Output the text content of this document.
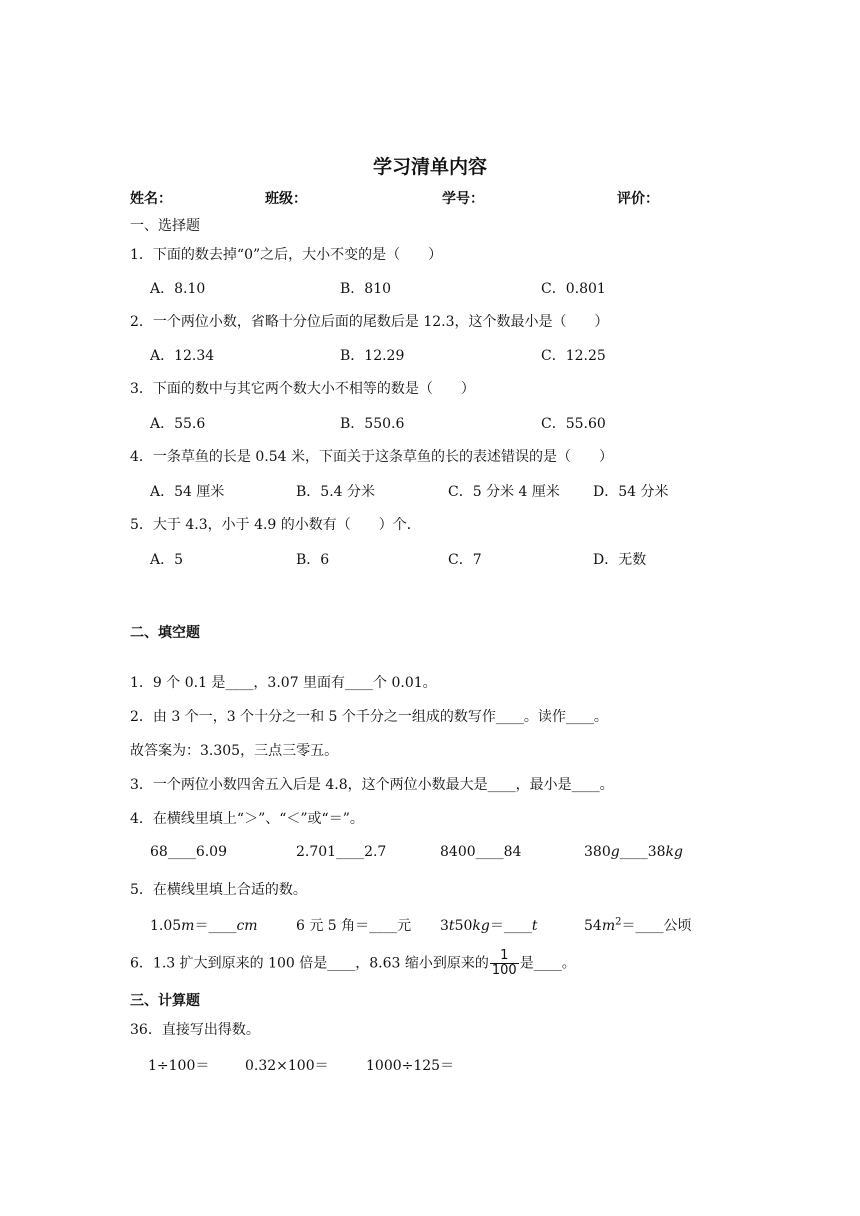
学习清单内容
姓名：	班级：	学号：	评价：
一、选择题
1．下面的数去掉“0”之后，大小不变的是（　　）
A．8.10	B．810	C．0.801
2．一个两位小数，省略十分位后面的尾数后是 12.3，这个数最小是（　　）
A．12.34	B．12.29	C．12.25
3．下面的数中与其它两个数大小不相等的数是（　　）
A．55.6	B．550.6	C．55.60
4．一条草鱼的长是 0.54 米，下面关于这条草鱼的长的表述错误的是（　　）
A．54 厘米	B．5.4 分米	C．5 分米 4 厘米 D．54 分米
5．大于 4.3，小于 4.9 的小数有（　　）个．
A．5	B．6	C．7	D．无数
二、填空题
1．9 个 0.1 是____，3.07 里面有____个 0.01。
2．由 3 个一，3 个十分之一和 5 个千分之一组成的数写作____。读作____。
故答案为：3.305，三点三零五。
3．一个两位小数四舍五入后是 4.8，这个两位小数最大是____，最小是____。
4．在横线里填上“＞”、“＜”或“＝”。
68____6.09	2.701____2.7	8400____84	380g____38kg
5．在横线里填上合适的数。
1.05m＝____cm	6 元 5 角＝____元 3t50kg＝____t	$54m^2=\_\_\_\_$公顷
6．1.3 扩大到原来的 100 倍是____，8.63 缩小到原来的 $\frac{1}{100}$ 是____。
三、计算题
36．直接写出得数。
1÷100＝	0.32×100＝	1000÷125＝
